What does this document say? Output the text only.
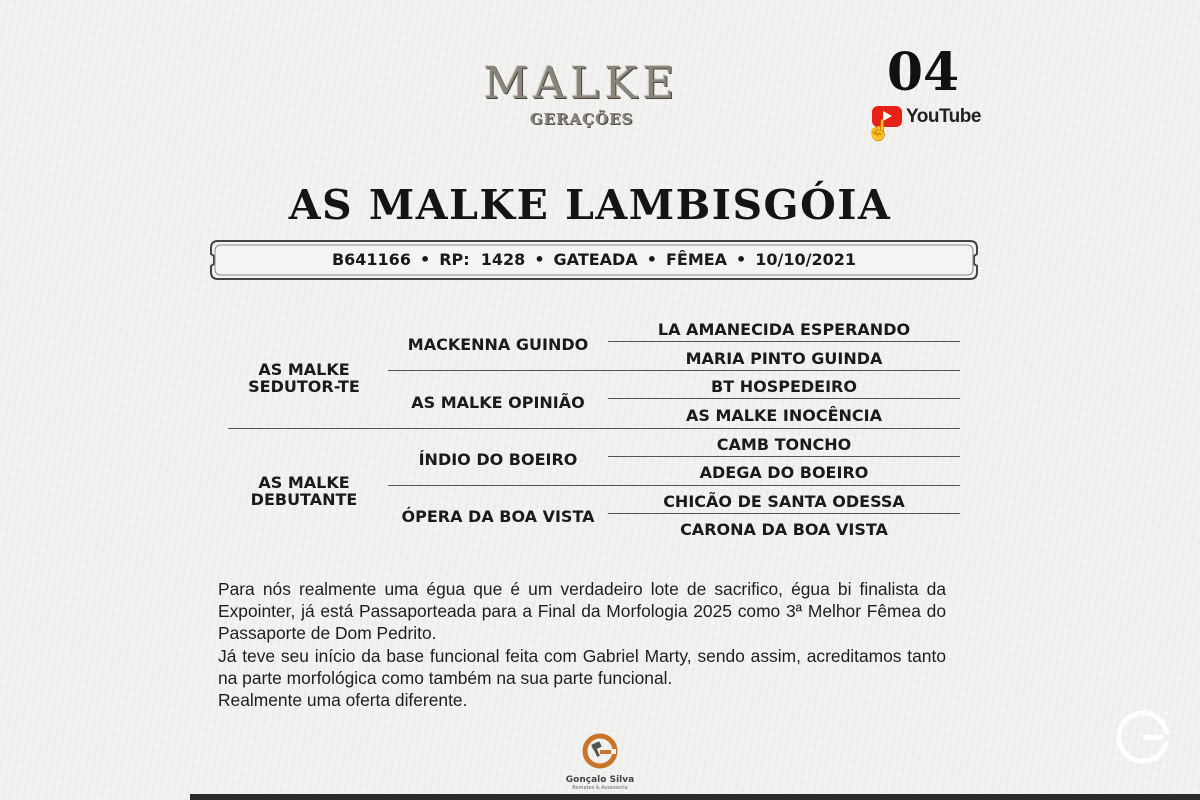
MALKE
GERAÇÕES
04
YouTube
☝
AS MALKE LAMBISGÓIA
B641166 • RP: 1428 • GATEADA • FÊMEA • 10/10/2021
AS MALKE
SEDUTOR-TE
AS MALKE
DEBUTANTE
MACKENNA GUINDO
AS MALKE OPINIÃO
ÍNDIO DO BOEIRO
ÓPERA DA BOA VISTA
LA AMANECIDA ESPERANDO
MARIA PINTO GUINDA
BT HOSPEDEIRO
AS MALKE INOCÊNCIA
CAMB TONCHO
ADEGA DO BOEIRO
CHICÃO DE SANTA ODESSA
CARONA DA BOA VISTA

Para nós realmente uma égua que é um verdadeiro lote de sacrifico, égua bi finalista da Expointer, já está Passaporteada para a Final da Morfologia 2025 como 3ª Melhor Fêmea do Passaporte de Dom Pedrito.

Já teve seu início da base funcional feita com Gabriel Marty, sendo assim, acreditamos tanto na parte morfológica como também na sua parte funcional.

Realmente uma oferta diferente.

Gonçalo Silva
Remates & Assessoria
